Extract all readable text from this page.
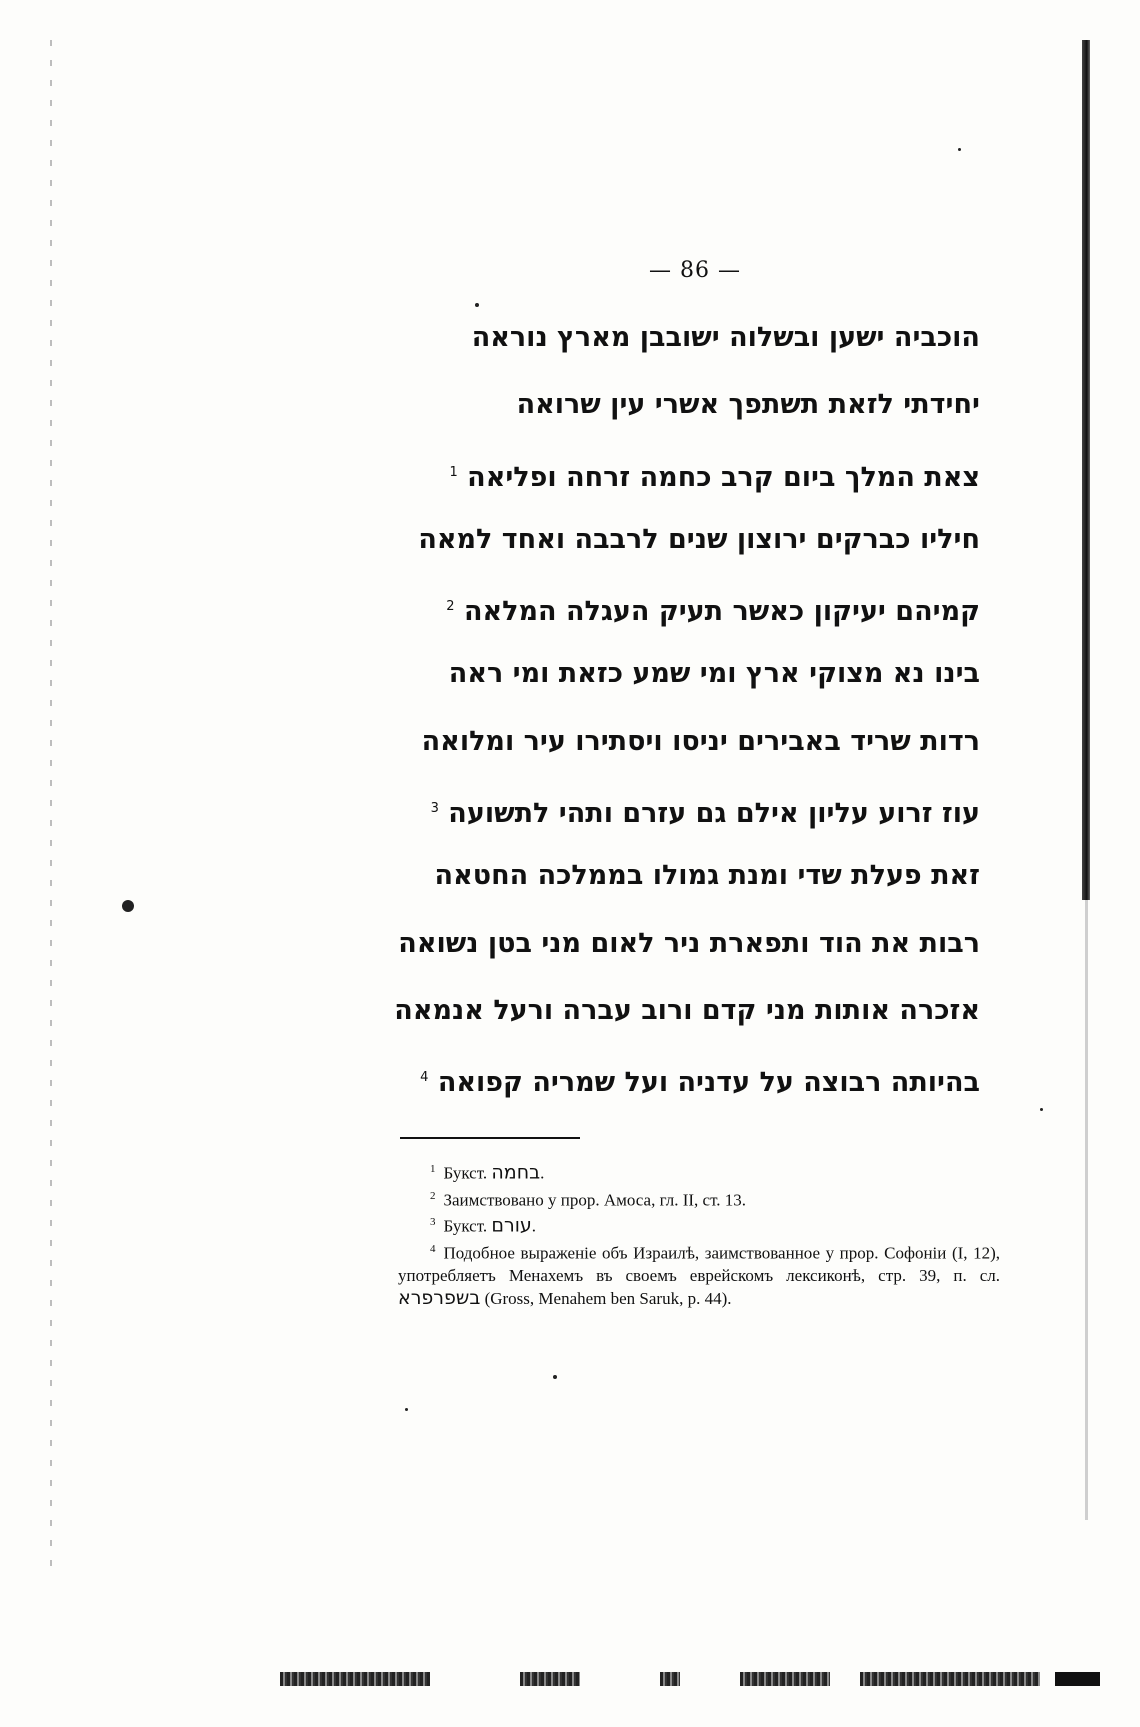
— 86 —
הוכביה ישען ובשלוה ישובבן מארץ נוראה
יחידתי לזאת תשתפך אשרי עין שרואה
צאת המלך ביום קרב כחמה זרחה ופליאה $^1$
חיליו כברקים ירוצון שנים לרבבה ואחד למאה
קמיהם יעיקון כאשר תעיק העגלה המלאה $^2$
בינו נא מצוקי ארץ ומי שמע כזאת ומי ראה
רדות שריד באבירים יניסו ויסתירו עיר ומלואה
עוז זרוע עליון אילם גם עזרם ותהי לתשועה $^3$
זאת פעלת שדי ומנת גמולו בממלכה החטאה
רבות את הוד ותפארת ניר לאום מני בטן נשואה
אזכרה אותות מני קדם ורוב עברה ורעל אנמאה
בהיותה רבוצה על עדניה ועל שמריה קפואה $^4$

$^1$ Букст. בחמה.

$^2$ Заимствовано у прор. Амоса, гл. II, ст. 13.

$^3$ Букст. עורם.

$^4$ Подобное выраженіе объ Израилѣ, заимствованное у прор. Софоніи (I, 12), употребляетъ Менахемъ въ своемъ еврейскомъ лексиконѣ, стр. 39, п. сл. בשפרפרא (Gross, Menahem ben Saruk, p. 44).
